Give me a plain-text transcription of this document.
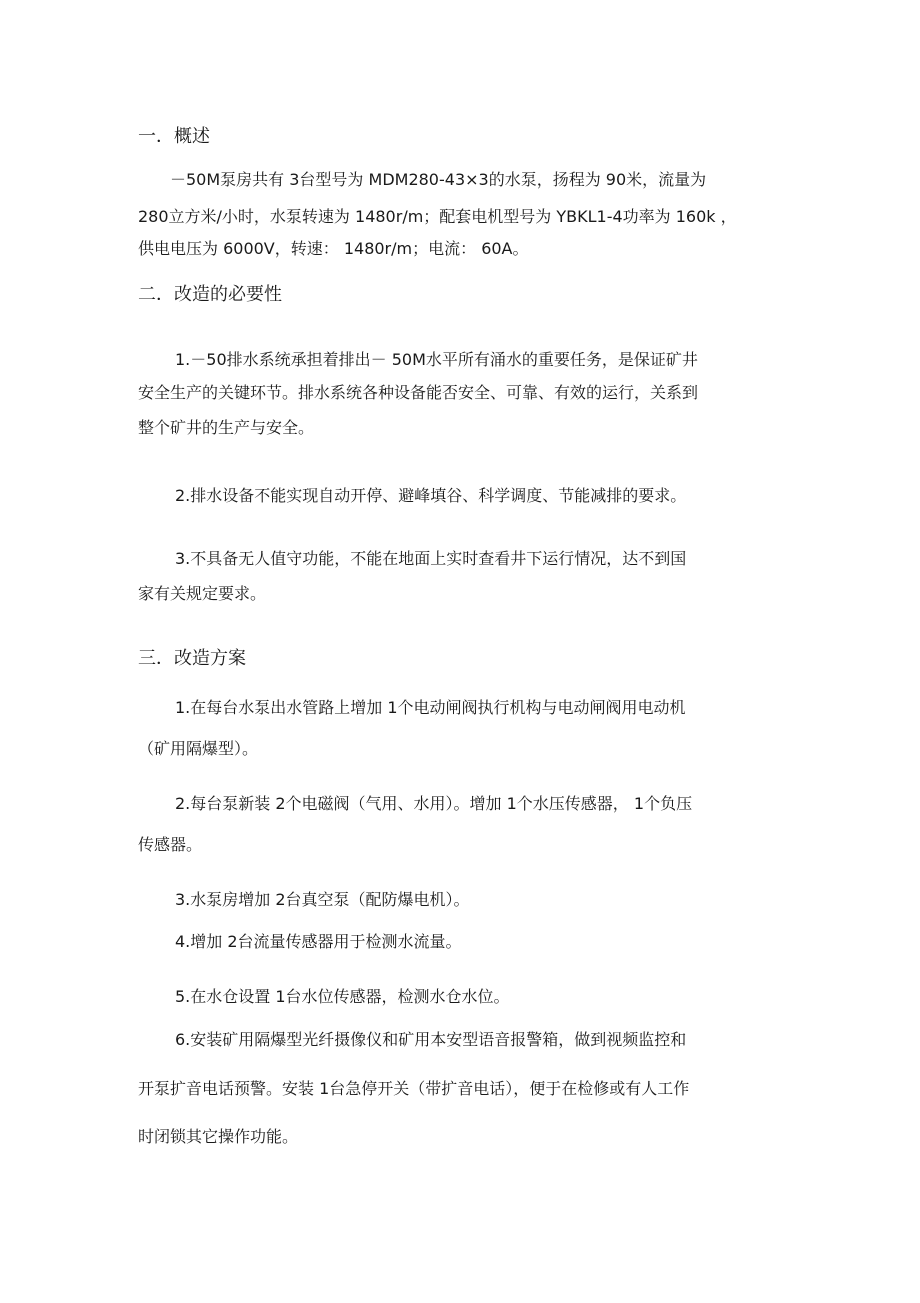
一．概述
－50M泵房共有 3台型号为 MDM280-43×3的水泵，扬程为 90米，流量为
280立方米/小时，水泵转速为 1480r/m；配套电机型号为 YBKL1-4功率为 160k ，
供电电压为 6000V，转速： 1480r/m；电流： 60A。
二．改造的必要性
1.－50排水系统承担着排出－ 50M水平所有涌水的重要任务，是保证矿井
安全生产的关键环节。排水系统各种设备能否安全、可靠、有效的运行，关系到
整个矿井的生产与安全。
2.排水设备不能实现自动开停、避峰填谷、科学调度、节能减排的要求。
3.不具备无人值守功能，不能在地面上实时查看井下运行情况，达不到国
家有关规定要求。
三．改造方案
1.在每台水泵出水管路上增加 1个电动闸阀执行机构与电动闸阀用电动机
（矿用隔爆型）。
2.每台泵新装 2个电磁阀（气用、水用）。增加 1个水压传感器， 1个负压
传感器。
3.水泵房增加 2台真空泵（配防爆电机）。
4.增加 2台流量传感器用于检测水流量。
5.在水仓设置 1台水位传感器，检测水仓水位。
6.安装矿用隔爆型光纤摄像仪和矿用本安型语音报警箱，做到视频监控和
开泵扩音电话预警。安装 1台急停开关（带扩音电话），便于在检修或有人工作
时闭锁其它操作功能。
